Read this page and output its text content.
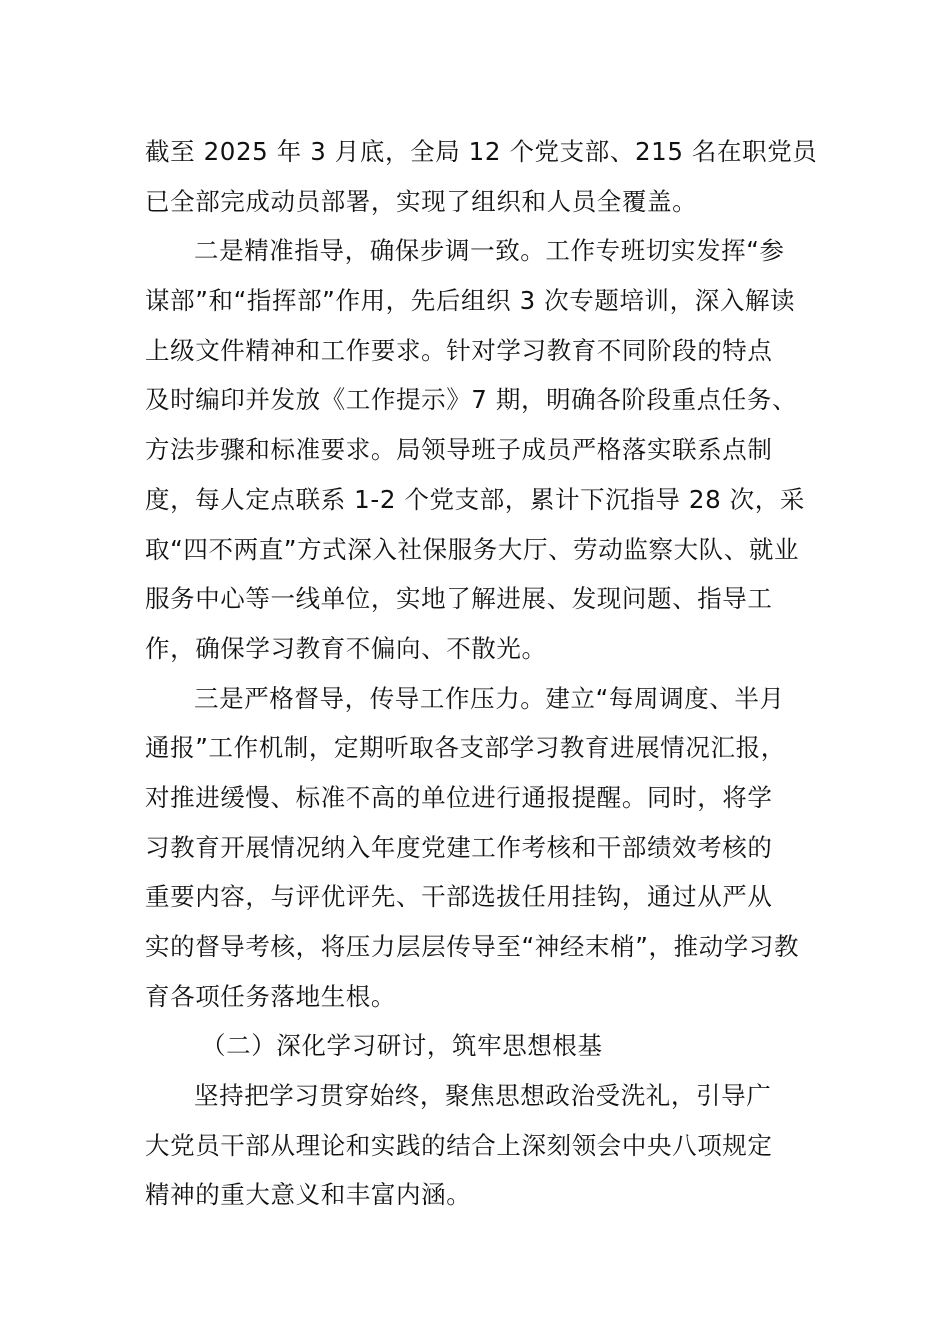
截至 2025 年 3 月底，全局 12 个党支部、215 名在职党员
已全部完成动员部署，实现了组织和人员全覆盖。
二是精准指导，确保步调一致。工作专班切实发挥“参
谋部”和“指挥部”作用，先后组织 3 次专题培训，深入解读
上级文件精神和工作要求。针对学习教育不同阶段的特点
及时编印并发放《工作提示》7 期，明确各阶段重点任务、
方法步骤和标准要求。局领导班子成员严格落实联系点制
度，每人定点联系 1-2 个党支部，累计下沉指导 28 次，采
取“四不两直”方式深入社保服务大厅、劳动监察大队、就业
服务中心等一线单位，实地了解进展、发现问题、指导工
作，确保学习教育不偏向、不散光。
三是严格督导，传导工作压力。建立“每周调度、半月
通报”工作机制，定期听取各支部学习教育进展情况汇报，
对推进缓慢、标准不高的单位进行通报提醒。同时，将学
习教育开展情况纳入年度党建工作考核和干部绩效考核的
重要内容，与评优评先、干部选拔任用挂钩，通过从严从
实的督导考核，将压力层层传导至“神经末梢”，推动学习教
育各项任务落地生根。
（二）深化学习研讨，筑牢思想根基
坚持把学习贯穿始终，聚焦思想政治受洗礼，引导广
大党员干部从理论和实践的结合上深刻领会中央八项规定
精神的重大意义和丰富内涵。
